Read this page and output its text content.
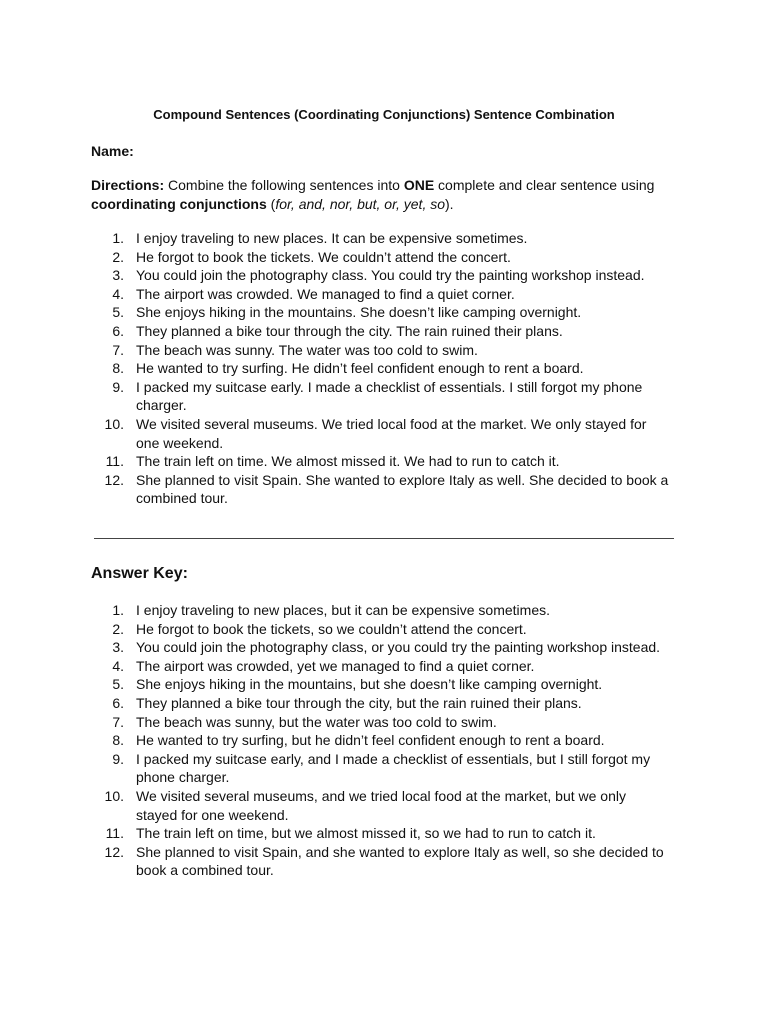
Compound Sentences (Coordinating Conjunctions) Sentence Combination

Name:

Directions: Combine the following sentences into ONE complete and clear sentence using coordinating conjunctions (for, and, nor, but, or, yet, so).

1. I enjoy traveling to new places. It can be expensive sometimes.
2. He forgot to book the tickets. We couldn’t attend the concert.
3. You could join the photography class. You could try the painting workshop instead.
4. The airport was crowded. We managed to find a quiet corner.
5. She enjoys hiking in the mountains. She doesn’t like camping overnight.
6. They planned a bike tour through the city. The rain ruined their plans.
7. The beach was sunny. The water was too cold to swim.
8. He wanted to try surfing. He didn’t feel confident enough to rent a board.
9. I packed my suitcase early. I made a checklist of essentials. I still forgot my phone charger.
10. We visited several museums. We tried local food at the market. We only stayed for one weekend.
11. The train left on time. We almost missed it. We had to run to catch it.
12. She planned to visit Spain. She wanted to explore Italy as well. She decided to book a combined tour.
Answer Key:
1. I enjoy traveling to new places, but it can be expensive sometimes.
2. He forgot to book the tickets, so we couldn’t attend the concert.
3. You could join the photography class, or you could try the painting workshop instead.
4. The airport was crowded, yet we managed to find a quiet corner.
5. She enjoys hiking in the mountains, but she doesn’t like camping overnight.
6. They planned a bike tour through the city, but the rain ruined their plans.
7. The beach was sunny, but the water was too cold to swim.
8. He wanted to try surfing, but he didn’t feel confident enough to rent a board.
9. I packed my suitcase early, and I made a checklist of essentials, but I still forgot my phone charger.
10. We visited several museums, and we tried local food at the market, but we only stayed for one weekend.
11. The train left on time, but we almost missed it, so we had to run to catch it.
12. She planned to visit Spain, and she wanted to explore Italy as well, so she decided to book a combined tour.
